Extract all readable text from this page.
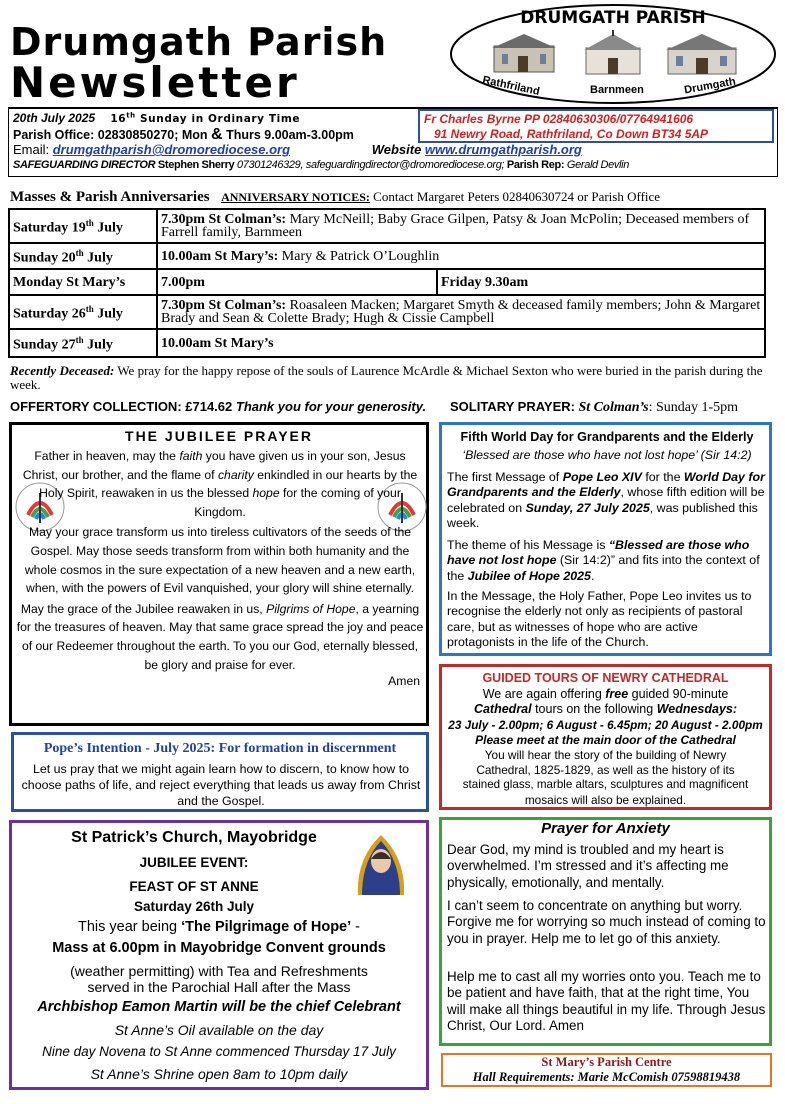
Drumgath Parish
Newsletter
DRUMGATH PARISH
Rathfriland	Barnmeen	Drumgath
20th July 2025 16th Sunday in Ordinary Time
Parish Office: 02830850270; Mon & Thurs 9.00am-3.00pm
Email: drumgathparish@dromorediocese.org	Website www.drumgathparish.org
SAFEGUARDING DIRECTOR Stephen Sherry 07301246329, safeguardingdirector@dromorediocese.org; Parish Rep: Gerald Devlin
Fr Charles Byrne PP 02840630306/07764941606
91 Newry Road, Rathfriland, Co Down BT34 5AP
Masses & Parish Anniversaries ANNIVERSARY NOTICES: Contact Margaret Peters 02840630724 or Parish Office
Saturday 19th July	7.30pm St Colman’s: Mary McNeill; Baby Grace Gilpen, Patsy & Joan McPolin; Deceased members of Farrell family, Barnmeen	
Sunday 20th July	10.00am St Mary’s: Mary & Patrick O’Loughlin	
Monday St Mary’s	7.00pm	Friday 9.30am
Saturday 26th July	7.30pm St Colman’s: Roasaleen Macken; Margaret Smyth & deceased family members; John & Margaret Brady and Sean & Colette Brady; Hugh & Cissie Campbell	
Sunday 27th July	10.00am St Mary’s	
Recently Deceased: We pray for the happy repose of the souls of Laurence McArdle & Michael Sexton who were buried in the parish during the week.
OFFERTORY COLLECTION: £714.62 Thank you for your generosity. SOLITARY PRAYER: St Colman’s: Sunday 1-5pm
THE JUBILEE PRAYER

Father in heaven, may the faith you have given us in your son, Jesus Christ, our brother, and the flame of charity enkindled in our hearts by the Holy Spirit, reawaken in us the blessed hope for the coming of your Kingdom.

May your grace transform us into tireless cultivators of the seeds of the Gospel. May those seeds transform from within both humanity and the whole cosmos in the sure expectation of a new heaven and a new earth, when, with the powers of Evil vanquished, your glory will shine eternally.

May the grace of the Jubilee reawaken in us, Pilgrims of Hope, a yearning for the treasures of heaven. May that same grace spread the joy and peace of our Redeemer throughout the earth. To you our God, eternally blessed, be glory and praise for ever.

Amen
Pope’s Intention - July 2025: For formation in discernment
Let us pray that we might again learn how to discern, to know how to choose paths of life, and reject everything that leads us away from Christ and the Gospel.
St Patrick’s Church, Mayobridge
JUBILEE EVENT:
FEAST OF ST ANNE
Saturday 26th July
This year being ‘The Pilgrimage of Hope’ -
Mass at 6.00pm in Mayobridge Convent grounds
(weather permitting) with Tea and Refreshments
served in the Parochial Hall after the Mass
Archbishop Eamon Martin will be the chief Celebrant
St Anne’s Oil available on the day
Nine day Novena to St Anne commenced Thursday 17 July
St Anne’s Shrine open 8am to 10pm daily
Fifth World Day for Grandparents and the Elderly
‘Blessed are those who have not lost hope’ (Sir 14:2)
The first Message of Pope Leo XIV for the World Day for Grandparents and the Elderly, whose fifth edition will be celebrated on Sunday, 27 July 2025, was published this week.
The theme of his Message is “Blessed are those who have not lost hope (Sir 14:2)” and fits into the context of the Jubilee of Hope 2025.
In the Message, the Holy Father, Pope Leo invites us to recognise the elderly not only as recipients of pastoral care, but as witnesses of hope who are active protagonists in the life of the Church.
GUIDED TOURS OF NEWRY CATHEDRAL
We are again offering free guided 90-minute
Cathedral tours on the following Wednesdays:
23 July - 2.00pm; 6 August - 6.45pm; 20 August - 2.00pm
Please meet at the main door of the Cathedral
You will hear the story of the building of Newry
Cathedral, 1825-1829, as well as the history of its
stained glass, marble altars, sculptures and magnificent
mosaics will also be explained.
Prayer for Anxiety
Dear God, my mind is troubled and my heart is overwhelmed. I’m stressed and it’s affecting me physically, emotionally, and mentally.
I can’t seem to concentrate on anything but worry. Forgive me for worrying so much instead of coming to you in prayer. Help me to let go of this anxiety.
Help me to cast all my worries onto you. Teach me to be patient and have faith, that at the right time, You will make all things beautiful in my life. Through Jesus Christ, Our Lord. Amen
St Mary’s Parish Centre
Hall Requirements: Marie McComish 07598819438
